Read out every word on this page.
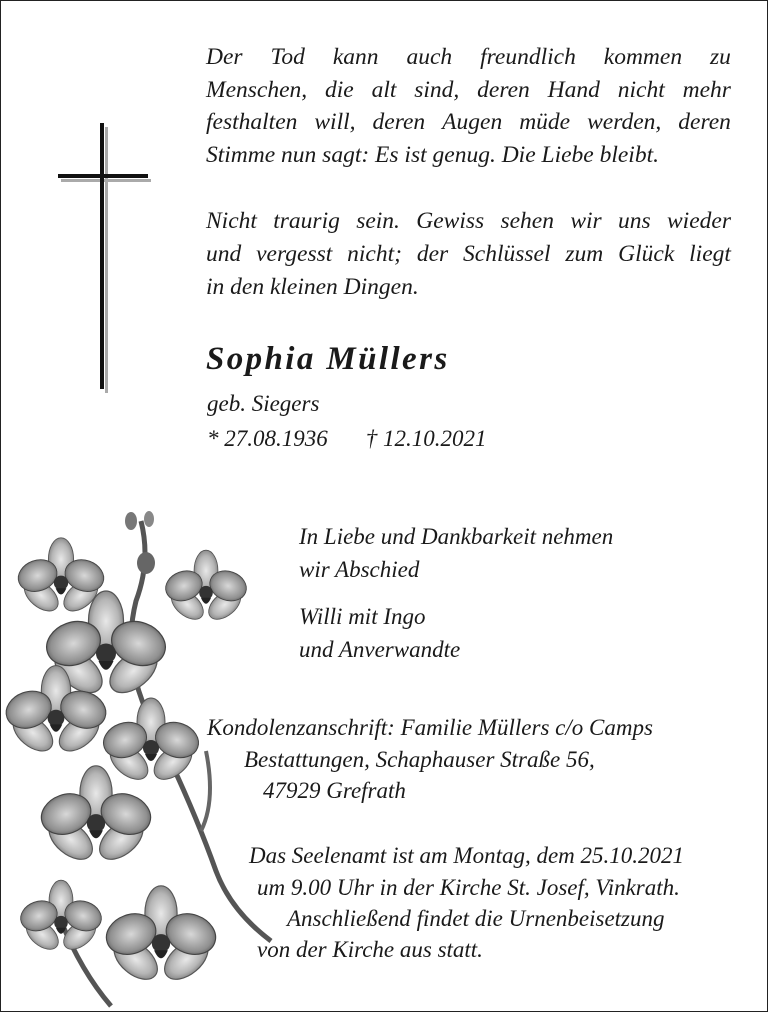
Der Tod kann auch freundlich kommen zu
Menschen, die alt sind, deren Hand nicht mehr
festhalten will, deren Augen müde werden, deren
Stimme nun sagt: Es ist genug. Die Liebe bleibt.
Nicht traurig sein. Gewiss sehen wir uns wieder
und vergesst nicht; der Schlüssel zum Glück liegt
in den kleinen Dingen.
Sophia Müllers
geb. Siegers
* 27.08.1936 † 12.10.2021
In Liebe und Dankbarkeit nehmen
wir Abschied
Willi mit Ingo
und Anverwandte
Kondolenzanschrift: Familie Müllers c/o Camps
Bestattungen, Schaphauser Straße 56,
47929 Grefrath
Das Seelenamt ist am Montag, dem 25.10.2021
um 9.00 Uhr in der Kirche St. Josef, Vinkrath.
Anschließend findet die Urnenbeisetzung
von der Kirche aus statt.
